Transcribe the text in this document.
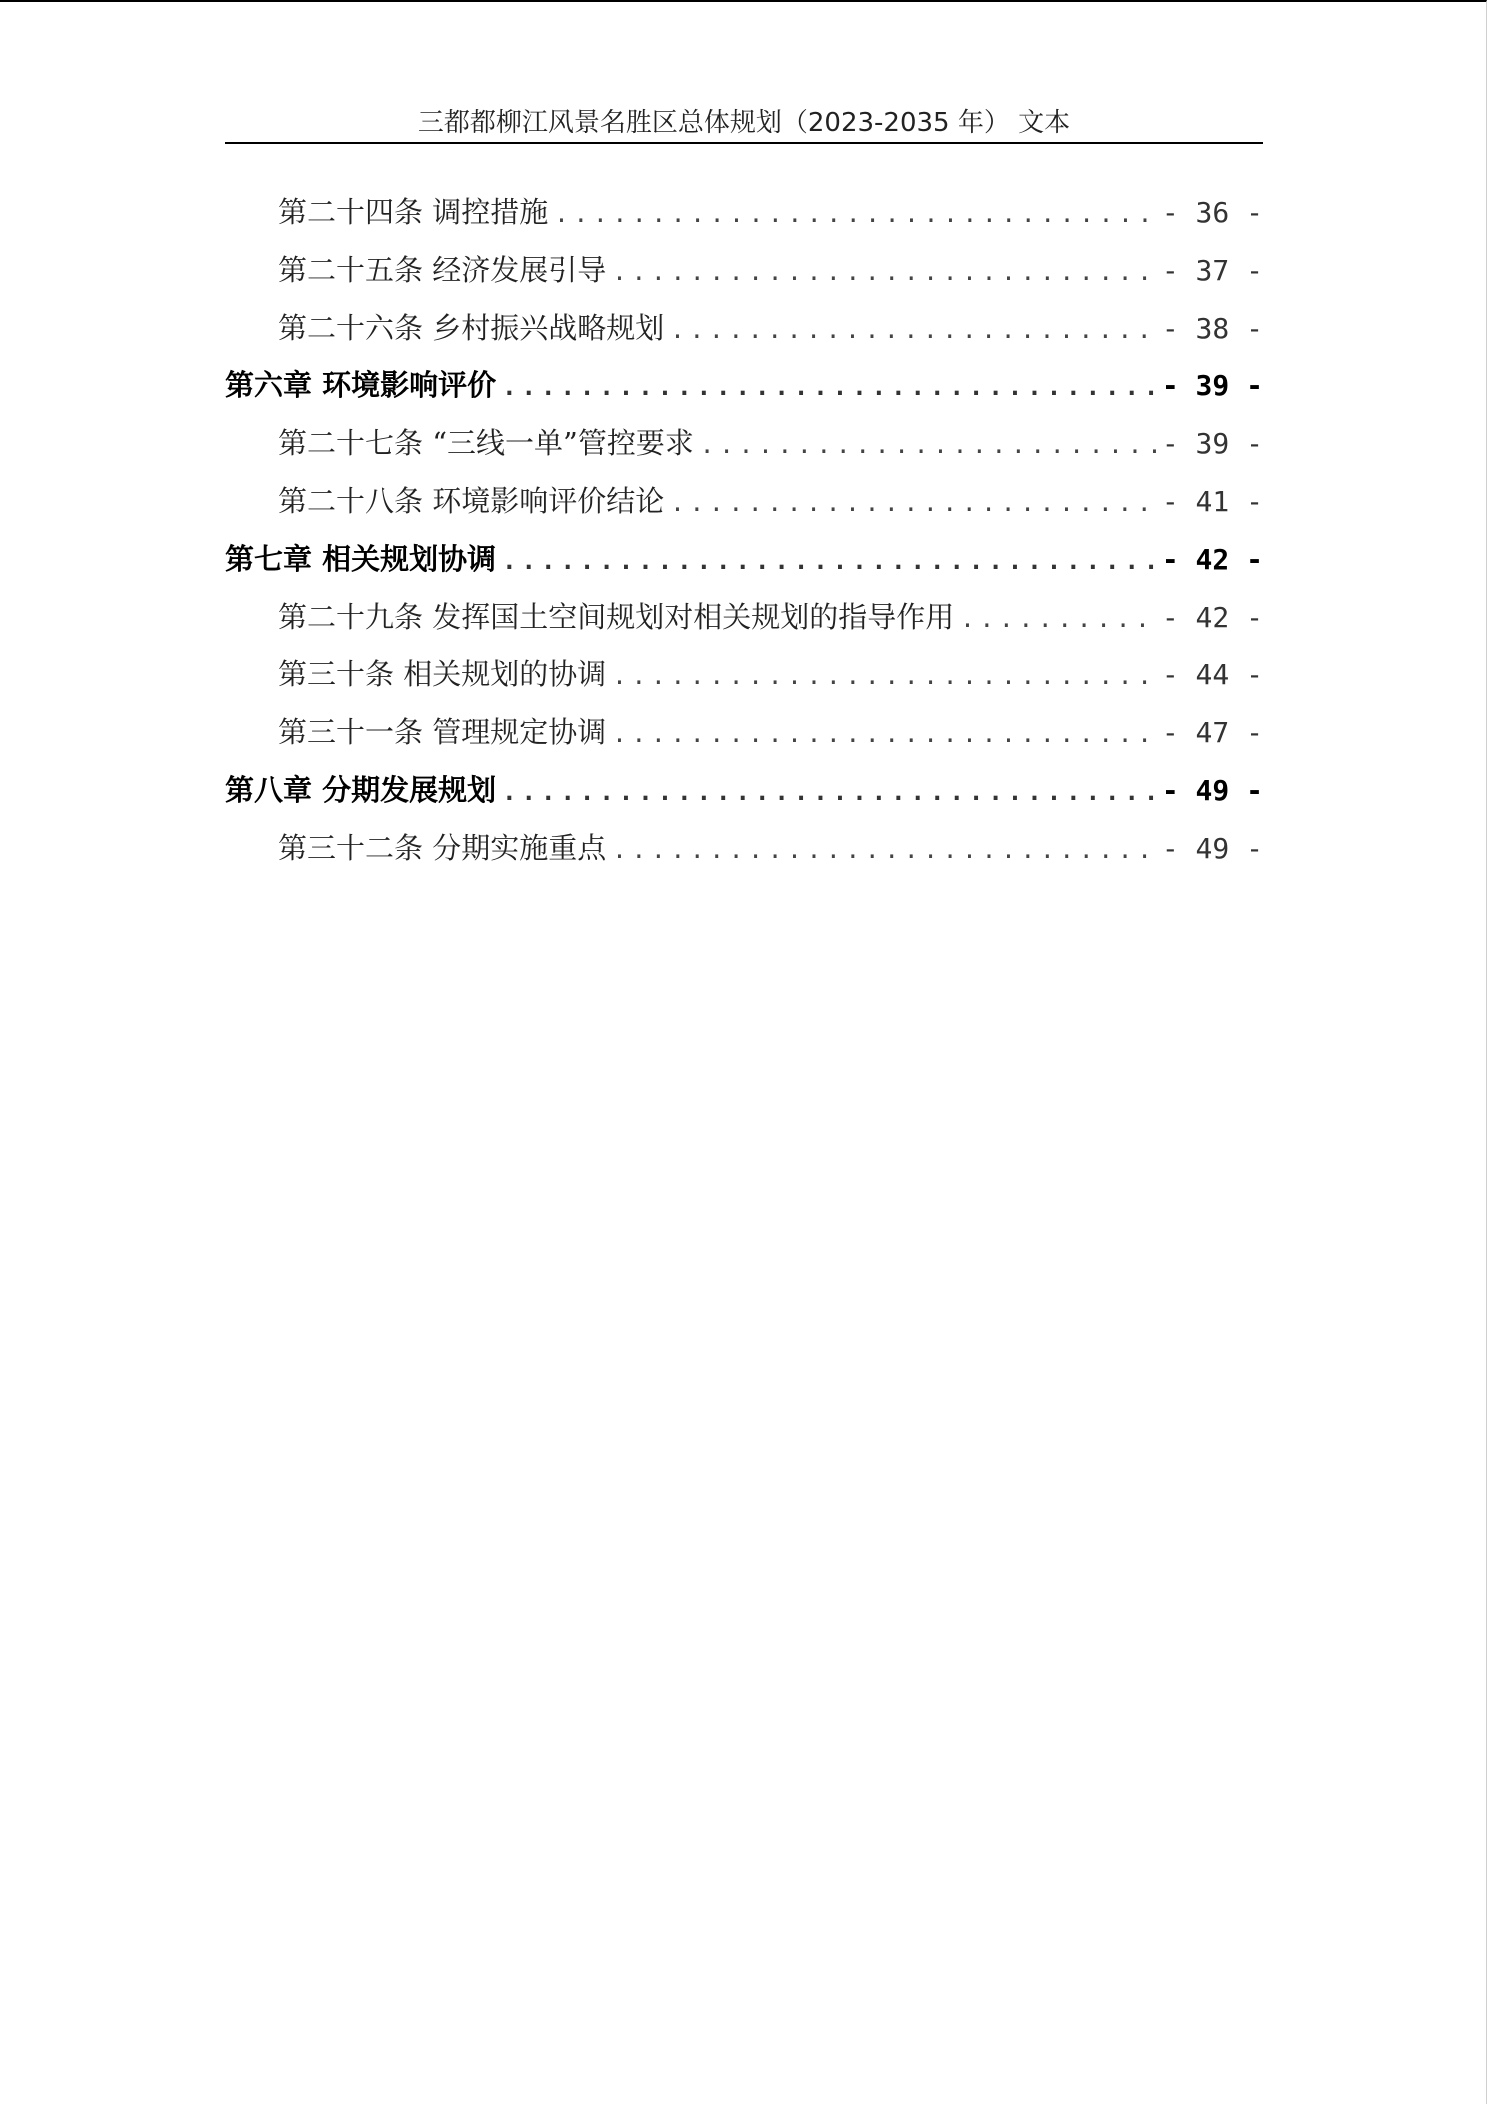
三都都柳江风景名胜区总体规划（2023-2035 年） 文本
第二十四条 调控措施 .....	- 36 -
第二十五条 经济发展引导 .....	- 37 -
第二十六条 乡村振兴战略规划 .....	- 38 -
第六章 环境影响评价 .....	- 39 -
第二十七条 “三线一单”管控要求 .....	- 39 -
第二十八条 环境影响评价结论 .....	- 41 -
第七章 相关规划协调 .....	- 42 -
第二十九条 发挥国土空间规划对相关规划的指导作用 .....	- 42 -
第三十条 相关规划的协调 .....	- 44 -
第三十一条 管理规定协调 .....	- 47 -
第八章 分期发展规划 .....	- 49 -
第三十二条 分期实施重点 .....	- 49 -
